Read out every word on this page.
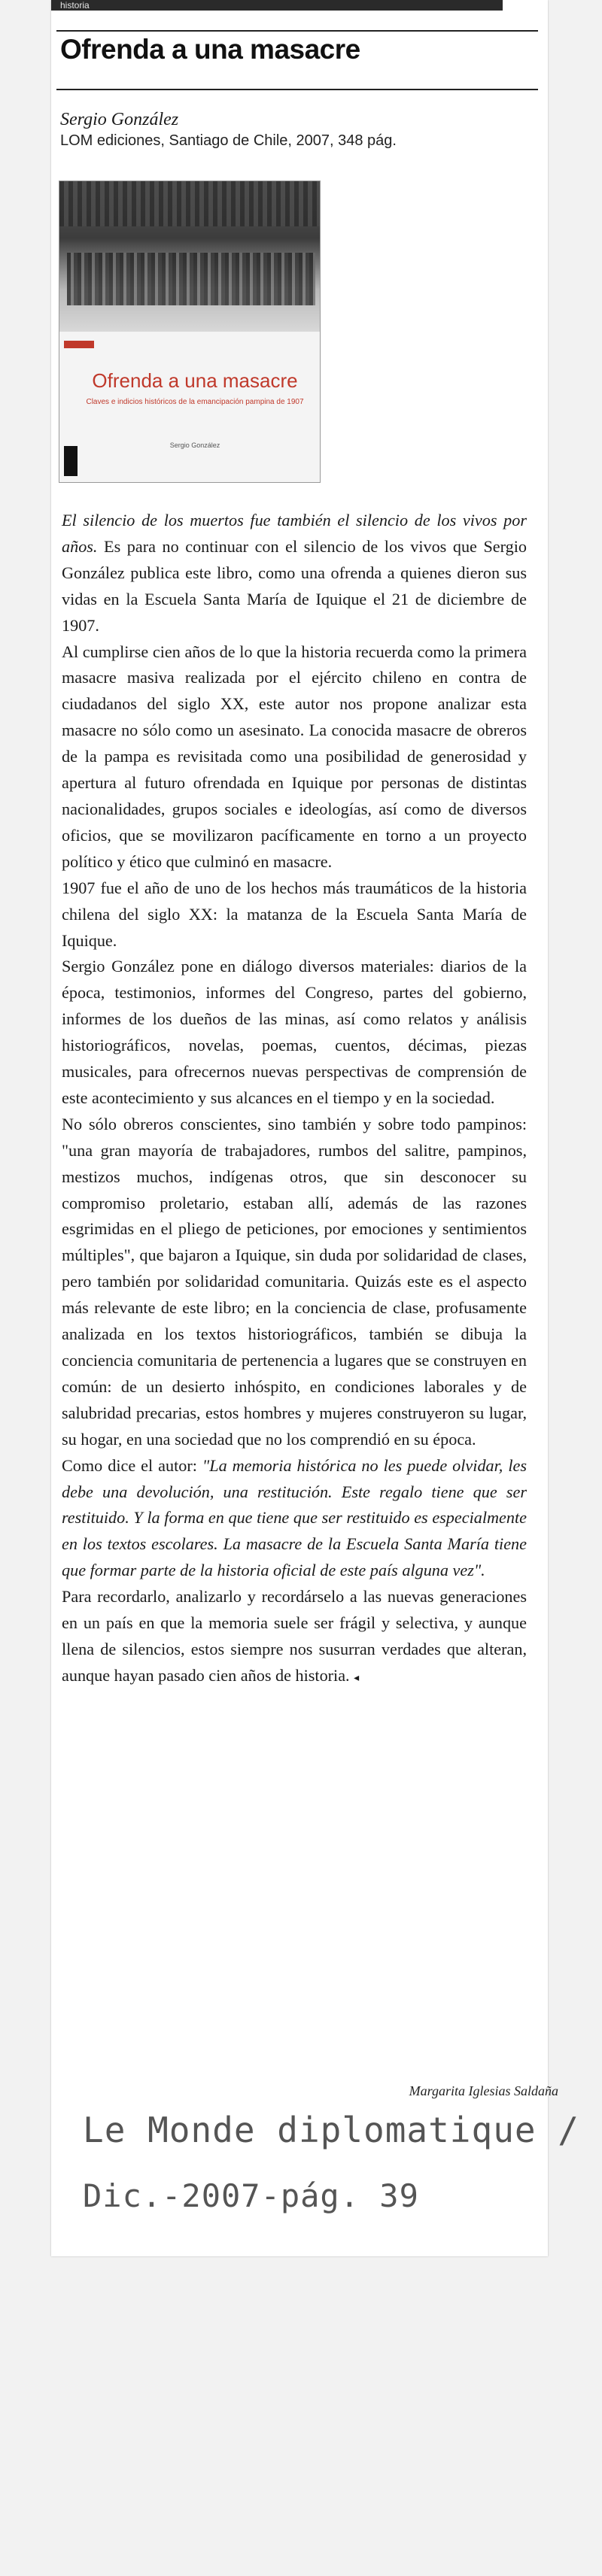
historia
Ofrenda a una masacre
Sergio González
LOM ediciones, Santiago de Chile, 2007, 348 pág.
Ofrenda a una masacre
Claves e indicios históricos de la emancipación pampina de 1907
Sergio González

El silencio de los muertos fue también el silencio de los vivos por años. Es para no continuar con el silencio de los vivos que Sergio González publica este libro, como una ofrenda a quienes dieron sus vidas en la Escuela Santa María de Iquique el 21 de diciembre de 1907.

Al cumplirse cien años de lo que la historia recuerda como la primera masacre masiva realizada por el ejército chileno en contra de ciudadanos del siglo XX, este autor nos propone analizar esta masacre no sólo como un asesinato. La conocida masacre de obreros de la pampa es revisitada como una posibilidad de generosidad y apertura al futuro ofrendada en Iquique por personas de distintas nacionalidades, grupos sociales e ideologías, así como de diversos oficios, que se movilizaron pacíficamente en torno a un proyecto político y ético que culminó en masacre.

1907 fue el año de uno de los hechos más traumáticos de la historia chilena del siglo XX: la matanza de la Escuela Santa María de Iquique.

Sergio González pone en diálogo diversos materiales: diarios de la época, testimonios, informes del Congreso, partes del gobierno, informes de los dueños de las minas, así como relatos y análisis historiográficos, novelas, poemas, cuentos, décimas, piezas musicales, para ofrecernos nuevas perspectivas de comprensión de este acontecimiento y sus alcances en el tiempo y en la sociedad.

No sólo obreros conscientes, sino también y sobre todo pampinos: "una gran mayoría de trabajadores, rumbos del salitre, pampinos, mestizos muchos, indígenas otros, que sin desconocer su compromiso proletario, estaban allí, además de las razones esgrimidas en el pliego de peticiones, por emociones y sentimientos múltiples", que bajaron a Iquique, sin duda por solidaridad de clases, pero también por solidaridad comunitaria. Quizás este es el aspecto más relevante de este libro; en la conciencia de clase, profusamente analizada en los textos historiográficos, también se dibuja la conciencia comunitaria de pertenencia a lugares que se construyen en común: de un desierto inhóspito, en condiciones laborales y de salubridad precarias, estos hombres y mujeres construyeron su lugar, su hogar, en una sociedad que no los comprendió en su época.

Como dice el autor: "La memoria histórica no les puede olvidar, les debe una devolución, una restitución. Este regalo tiene que ser restituido. Y la forma en que tiene que ser restituido es especialmente en los textos escolares. La masacre de la Escuela Santa María tiene que formar parte de la historia oficial de este país alguna vez".

Para recordarlo, analizarlo y recordárselo a las nuevas generaciones en un país en que la memoria suele ser frágil y selectiva, y aunque llena de silencios, estos siempre nos susurran verdades que alteran, aunque hayan pasado cien años de historia. ◂

Margarita Iglesias Saldaña
Le Monde diplomatique /
Dic.-2007-pág. 39
